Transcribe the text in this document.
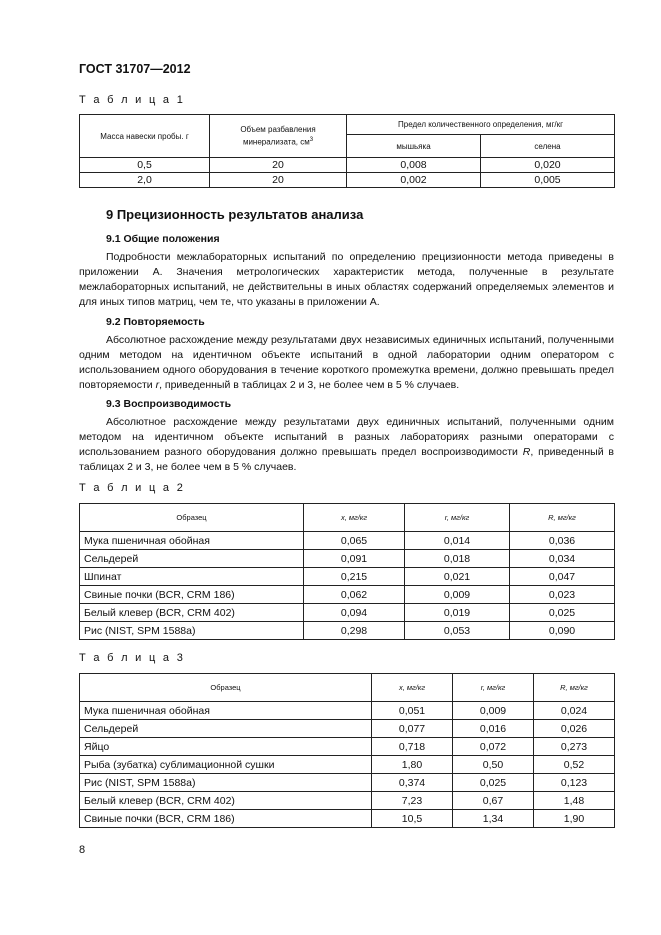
ГОСТ 31707—2012
Т а б л и ц а 1
Масса навески пробы. г	Объем разбавления минерализата, $см^3$	Предел количественного определения, мг/кг	
		мышьяка	селена
0,5	20	0,008	0,020
2,0	20	0,002	0,005
9 Прецизионность результатов анализа
9.1 Общие положения
Подробности межлабораторных испытаний по определению прецизионности метода приведены в приложении А. Значения метрологических характеристик метода, полученные в результате межлабораторных испытаний, не действительны в иных областях содержаний определяемых элементов и для иных типов матриц, чем те, что указаны в приложении А.
9.2 Повторяемость
Абсолютное расхождение между результатами двух независимых единичных испытаний, полученными одним методом на идентичном объекте испытаний в одной лаборатории одним оператором с использованием одного оборудования в течение короткого промежутка времени, должно превышать предел повторяемости r, приведенный в таблицах 2 и 3, не более чем в 5 % случаев.
9.3 Воспроизводимость
Абсолютное расхождение между результатами двух единичных испытаний, полученными одним методом на идентичном объекте испытаний в разных лабораториях разными операторами с использованием разного оборудования должно превышать предел воспроизводимости R, приведенный в таблицах 2 и 3, не более чем в 5 % случаев.
Т а б л и ц а 2
Образец	x, мг/кг	r, мг/кг	R, мг/кг
Мука пшеничная обойная	0,065	0,014	0,036
Сельдерей	0,091	0,018	0,034
Шпинат	0,215	0,021	0,047
Свиные почки (BCR, CRM 186)	0,062	0,009	0,023
Белый клевер (BCR, CRM 402)	0,094	0,019	0,025
Рис (NIST, SPM 1588a)	0,298	0,053	0,090
Т а б л и ц а 3
Образец	x, мг/кг	r, мг/кг	R, мг/кг
Мука пшеничная обойная	0,051	0,009	0,024
Сельдерей	0,077	0,016	0,026
Яйцо	0,718	0,072	0,273
Рыба (зубатка) сублимационной сушки	1,80	0,50	0,52
Рис (NIST, SPM 1588a)	0,374	0,025	0,123
Белый клевер (BCR, CRM 402)	7,23	0,67	1,48
Свиные почки (BCR, CRM 186)	10,5	1,34	1,90
8
